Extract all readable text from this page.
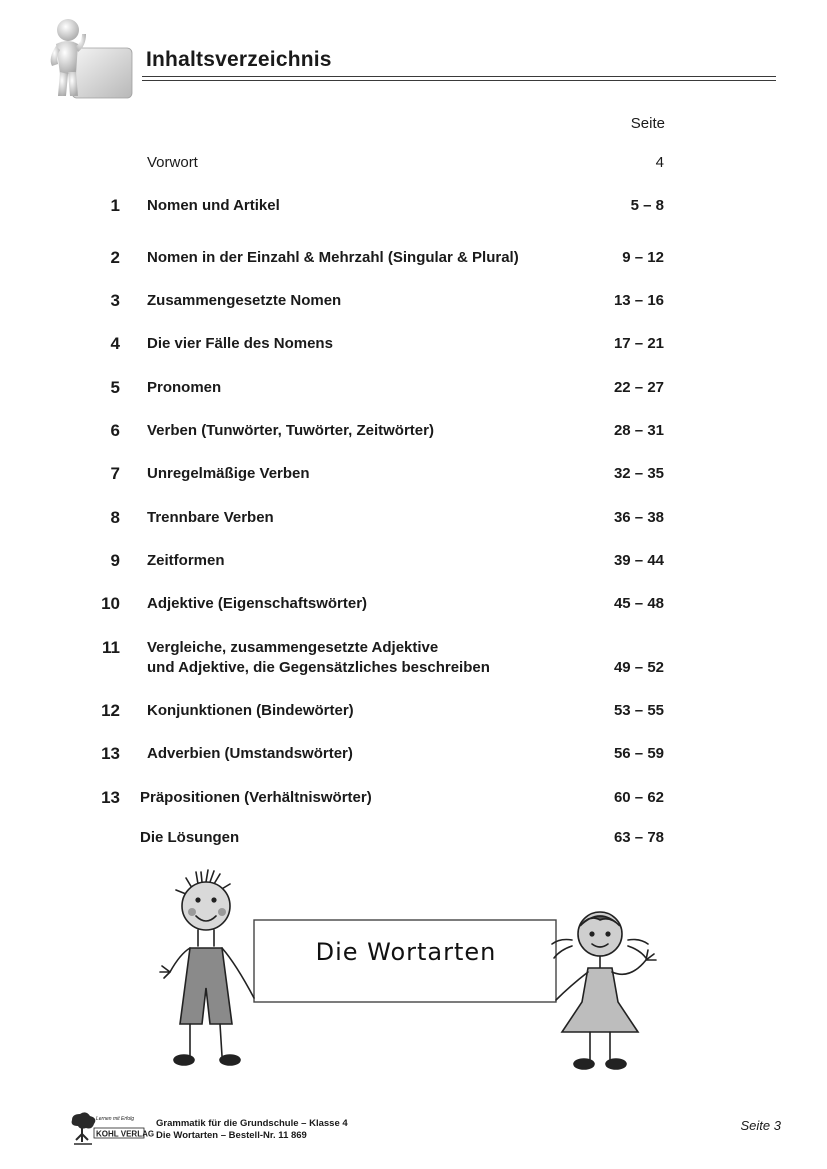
Inhaltsverzeichnis
Seite
Vorwort	4
1 Nomen und Artikel	5 – 8
2 Nomen in der Einzahl & Mehrzahl (Singular & Plural)	9 – 12
3 Zusammengesetzte Nomen	13 – 16
4 Die vier Fälle des Nomens	17 – 21
5 Pronomen	22 – 27
6 Verben (Tunwörter, Tuwörter, Zeitwörter)	28 – 31
7 Unregelmäßige Verben	32 – 35
8 Trennbare Verben	36 – 38
9 Zeitformen	39 – 44
10 Adjektive (Eigenschaftswörter)	45 – 48
11 Vergleiche, zusammengesetzte Adjektive
und Adjektive, die Gegensätzliches beschreiben	49 – 52
12 Konjunktionen (Bindewörter)	53 – 55
13 Adverbien (Umstandswörter)	56 – 59
13 Präpositionen (Verhältniswörter)	60 – 62
Die Lösungen	63 – 78
Die Wortarten
Lernen mit Erfolg
KOHL VERLAG
Grammatik für die Grundschule – Klasse 4
Die Wortarten – Bestell-Nr. 11 869
Seite 3
